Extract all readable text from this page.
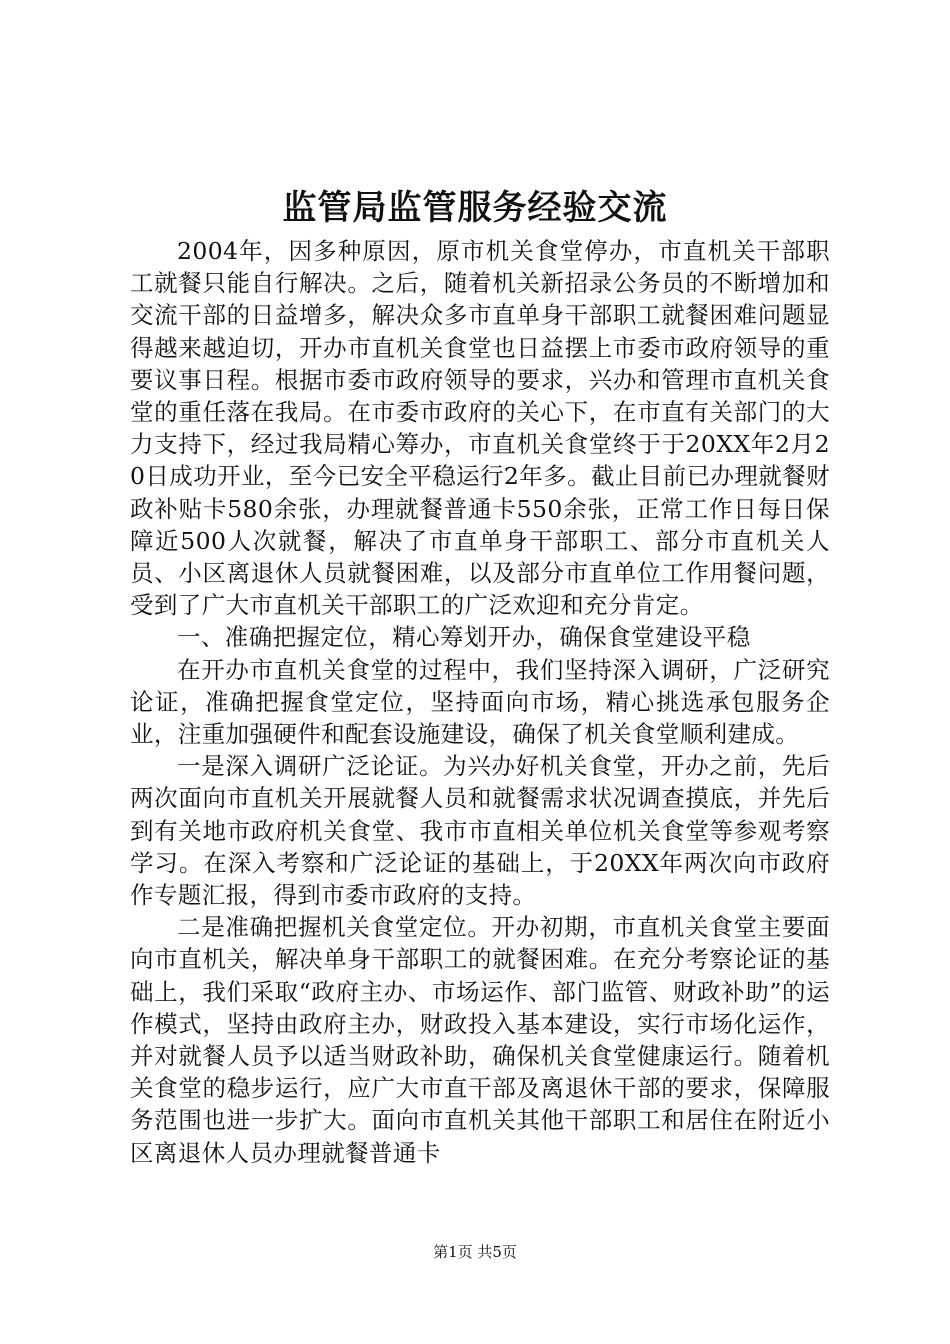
监管局监管服务经验交流

2004年，因多种原因，原市机关食堂停办，市直机关干部职工就餐只能自行解决。之后，随着机关新招录公务员的不断增加和交流干部的日益增多，解决众多市直单身干部职工就餐困难问题显得越来越迫切，开办市直机关食堂也日益摆上市委市政府领导的重要议事日程。根据市委市政府领导的要求，兴办和管理市直机关食堂的重任落在我局。在市委市政府的关心下，在市直有关部门的大力支持下，经过我局精心筹办，市直机关食堂终于于20XX年2月20日成功开业，至今已安全平稳运行2年多。截止目前已办理就餐财政补贴卡580余张，办理就餐普通卡550余张，正常工作日每日保障近500人次就餐，解决了市直单身干部职工、部分市直机关人员、小区离退休人员就餐困难，以及部分市直单位工作用餐问题，受到了广大市直机关干部职工的广泛欢迎和充分肯定。

一、准确把握定位，精心筹划开办，确保食堂建设平稳

在开办市直机关食堂的过程中，我们坚持深入调研，广泛研究论证，准确把握食堂定位，坚持面向市场，精心挑选承包服务企业，注重加强硬件和配套设施建设，确保了机关食堂顺利建成。

一是深入调研广泛论证。为兴办好机关食堂，开办之前，先后两次面向市直机关开展就餐人员和就餐需求状况调查摸底，并先后到有关地市政府机关食堂、我市市直相关单位机关食堂等参观考察学习。在深入考察和广泛论证的基础上，于20XX年两次向市政府作专题汇报，得到市委市政府的支持。

二是准确把握机关食堂定位。开办初期，市直机关食堂主要面向市直机关，解决单身干部职工的就餐困难。在充分考察论证的基础上，我们采取“政府主办、市场运作、部门监管、财政补助”的运作模式，坚持由政府主办，财政投入基本建设，实行市场化运作，并对就餐人员予以适当财政补助，确保机关食堂健康运行。随着机关食堂的稳步运行，应广大市直干部及离退休干部的要求，保障服务范围也进一步扩大。面向市直机关其他干部职工和居住在附近小区离退休人员办理就餐普通卡

第1页 共5页
